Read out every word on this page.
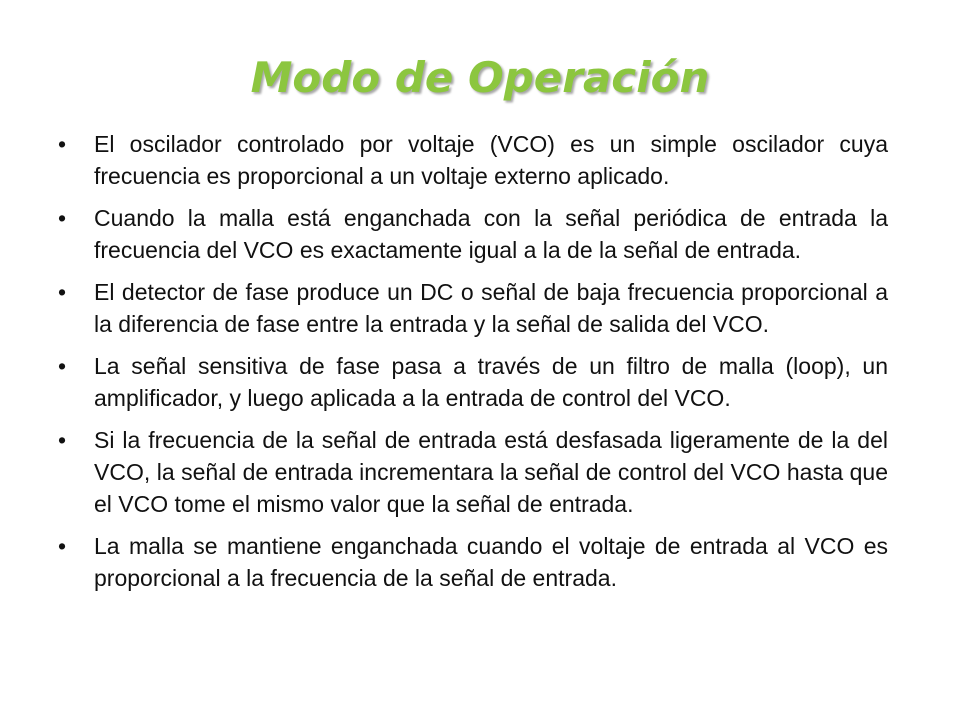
Modo de Operación
• El oscilador controlado por voltaje (VCO) es un simple oscilador cuya frecuencia es proporcional a un voltaje externo aplicado.
• Cuando la malla está enganchada con la señal periódica de entrada la frecuencia del VCO es exactamente igual a la de la señal de entrada.
• El detector de fase produce un DC o señal de baja frecuencia proporcional a la diferencia de fase entre la entrada y la señal de salida del VCO.
• La señal sensitiva de fase pasa a través de un filtro de malla (loop), un amplificador, y luego aplicada a la entrada de control del VCO.
• Si la frecuencia de la señal de entrada está desfasada ligeramente de la del VCO, la señal de entrada incrementara la señal de control del VCO hasta que el VCO tome el mismo valor que la señal de entrada.
• La malla se mantiene enganchada cuando el voltaje de entrada al VCO es proporcional a la frecuencia de la señal de entrada.
